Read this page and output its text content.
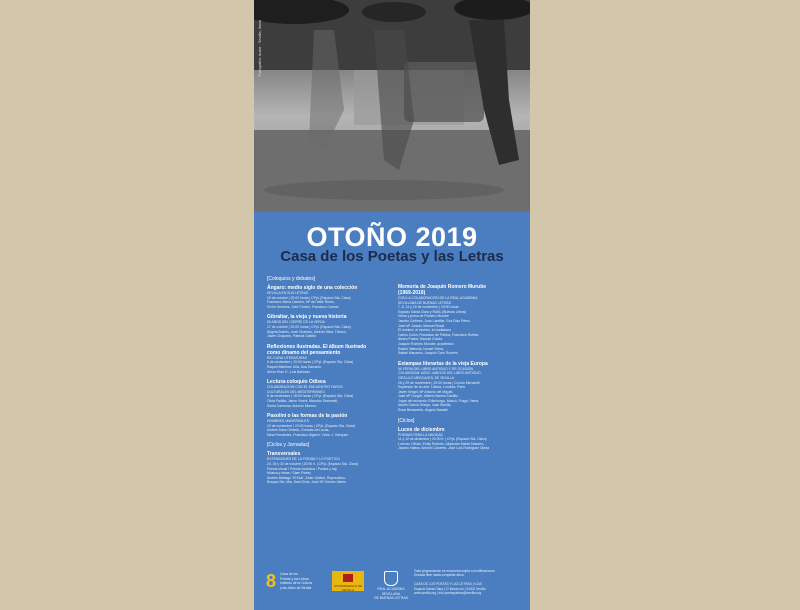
Fotografía: Autor · Sevilla, lluvia
OTOÑO 2019
Casa de los Poetas y las Letras
[Coloquios y debates]
Ángaro: medio siglo de una colección
SEVILLA EN SUS LETRAS
15 de octubre | 20:00 horas | CPyL (Espacio Sta. Clara)
Francisco Mena Cantero, Mª del Valle Rubio,
Víctor Jiménez, José Cenizo, Francisco Carmel
Gibraltar, la vieja y nueva historia
50 AÑOS DEL CIERRE DE LA VERJA
17 de octubre | 20:00 horas | CPyL (Espacio Sta. Clara)
Ángela Bulnes, José Chamizo, Alberto Silva, Tiziano,
Javier Chaparro, Patricia Galdós
Reflexiones ilustradas. El álbum ilustrado
como dinamo del pensamiento
RE-Y-UNA LITERATURAS
6 de noviembre | 19:00 horas | CPyL (Espacio Sta. Clara)
Raquel Martínez Uña, Ana Garralón,
Arturo Ruiz S., Luis Barbado
Lectura-coloquio Odisea
COLABORACIÓN CON EL ENCUENTRO FAROS
CULTURALES DEL MEDITERRÁNEO
8 de noviembre | 18:00 horas | CPyL (Espacio Sta. Clara)
Olvía Padilla, Jaime Vicent, Mauricio Stammeli,
Sonia Carmona, Antonio Moreno
Pasolini o las formas de la pasión
HOMBRES UNIVERSALES
19 de noviembre | 19:00 horas | CPyL (Espacio Sta. Clara)
Andrés Sanz Olmedo, Gonzalo de Lucas,
Mina Fernández, Francisco Algarín, Víctor J. Vázquez
[Ciclos y Jornadas]
Transversales
EXTENSIONES DE LA POESÍA Y LO POÉTICO
24, 26 y 30 de octubre | 20:00 h. | CPyL (Espacio Sta. Clara)
Poesía visual / Poesía escénica / Poesía y rap
Música y letras / Slam Poetry
Andrés Babiago 'El Kick', Ester Gallver, Reposoidos,
Bosque Nix, Mar, Dani Orvis, José Mª Gómez Valero
Memoria de Joaquín Romero Murube
(1969-2019)
CON LA COLABORACIÓN DE LA REAL ACADEMIA
SEVILLANA DE BUENAS LETRAS
7, 8, 14 y 15 de noviembre | 19:00 horas
Espacio Santa Clara y RABL (Buenas Letras)
Verso y prosa de Romero Murube
Jacobo Cortines, Juan Lamillar, Eva Díaz Pérez,
José Mª Jurado, Manuel Rosal
El hombre, el escritor, el ciudadano
Carlos Colón, Francisco de Pablos, Francisco Robles,
Álvaro Pastor, Manuel Gracia
Joaquín Romero Murube, académico
Rafael Valencia, Ismael Yebra,
Rafael Manzano, Joaquín Caro Romero
Estampas literarias de la vieja Europa
XII FERIA DEL LIBRO ANTIGUO Y DE OCASIÓN
COLABORAN: ASOC. AMIGOS DEL LIBRO ANTIGUO,
CÍRCULO MERCANTIL DE SEVILLA
28 y 29 de noviembre | 19:00 horas | Círculo Mercantil
Esplendor de la urbe: Lisboa, Londres, París
Javier Vergel, Mª Antonio del Miguel,
José Mª Conget, Alberto Marina Castillo
Joyas del recuerdo: Edimburgo, Moscú, Praga, Viena
Adolfo García Ortega, Juan Bonilla,
Rosa Benavente, Ángelo Barsabi
[Ciclos]
Luces de diciembre
POEMAS PARA LA NAVIDAD
11 y 12 de diciembre | 20:00 h. | CPyL (Espacio Sta. Clara)
Lorenzo Oliván, Emily Roberts, Alejandra Martín Navarro,
Jacobo Valera, Antonio Cáceres, José Luis Rodríguez Ojeda
8 Casa de los
Poetas y las Letras
Instituto de la Cultura
y las Artes de Sevilla	AYUNTAMIENTO DE SEVILLA	REAL ACADEMIA SEVILLANA
DE BUENAS LETRAS
Toda programación se encuentra sujeta a modificaciones.
Entrada libre hasta completar aforo.

CASA DE LOS POETAS Y LAS LETRAS | ICAS
Espacio Santa Clara | C/ Becas s/n | 41002 Sevilla
www.sevilla.org | info.poetasyletras@sevilla.org
